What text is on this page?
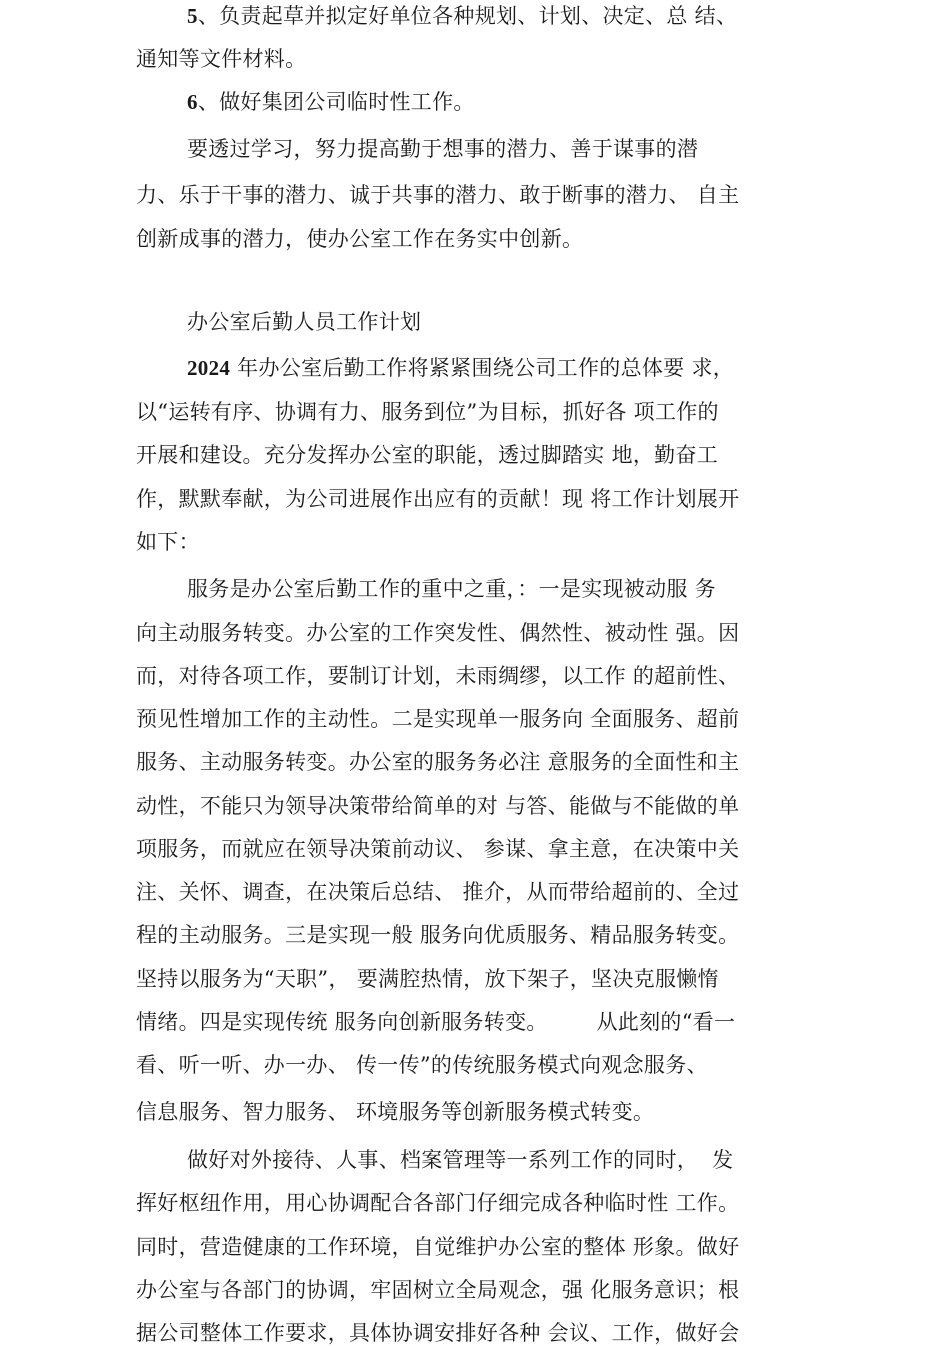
5、负责起草并拟定好单位各种规划、计划、决定、总 结、
通知等文件材料。
6、做好集团公司临时性工作。
要透过学习，努力提高勤于想事的潜力、善于谋事的潜
力、乐于干事的潜力、诚于共事的潜力、敢于断事的潜力、 自主
创新成事的潜力，使办公室工作在务实中创新。
办公室后勤人员工作计划
2024 年办公室后勤工作将紧紧围绕公司工作的总体要 求，
以“运转有序、协调有力、服务到位”为目标，抓好各 项工作的
开展和建设。充分发挥办公室的职能，透过脚踏实 地，勤奋工
作，默默奉献，为公司进展作出应有的贡献！现 将工作计划展开
如下：
服务是办公室后勤工作的重中之重，：一是实现被动服 务
向主动服务转变。办公室的工作突发性、偶然性、被动性 强。因
而，对待各项工作，要制订计划，未雨绸缪，以工作 的超前性、
预见性增加工作的主动性。二是实现单一服务向 全面服务、超前
服务、主动服务转变。办公室的服务务必注 意服务的全面性和主
动性，不能只为领导决策带给简单的对 与答、能做与不能做的单
项服务，而就应在领导决策前动议、 参谋、拿主意，在决策中关
注、关怀、调查，在决策后总结、 推介，从而带给超前的、全过
程的主动服务。三是实现一般 服务向优质服务、精品服务转变。
坚持以服务为“天职”， 要满腔热情，放下架子，坚决克服懒惰
情绪。四是实现传统 服务向创新服务转变。       从此刻的“看一
看、听一听、办一办、 传一传”的传统服务模式向观念服务、
信息服务、智力服务、 环境服务等创新服务模式转变。
做好对外接待、人事、档案管理等一系列工作的同时，  发
挥好枢纽作用，用心协调配合各部门仔细完成各种临时性 工作。
同时，营造健康的工作环境，自觉维护办公室的整体 形象。做好
办公室与各部门的协调，牢固树立全局观念，强 化服务意识；根
据公司整体工作要求，具体协调安排好各种 会议、工作，做好会
